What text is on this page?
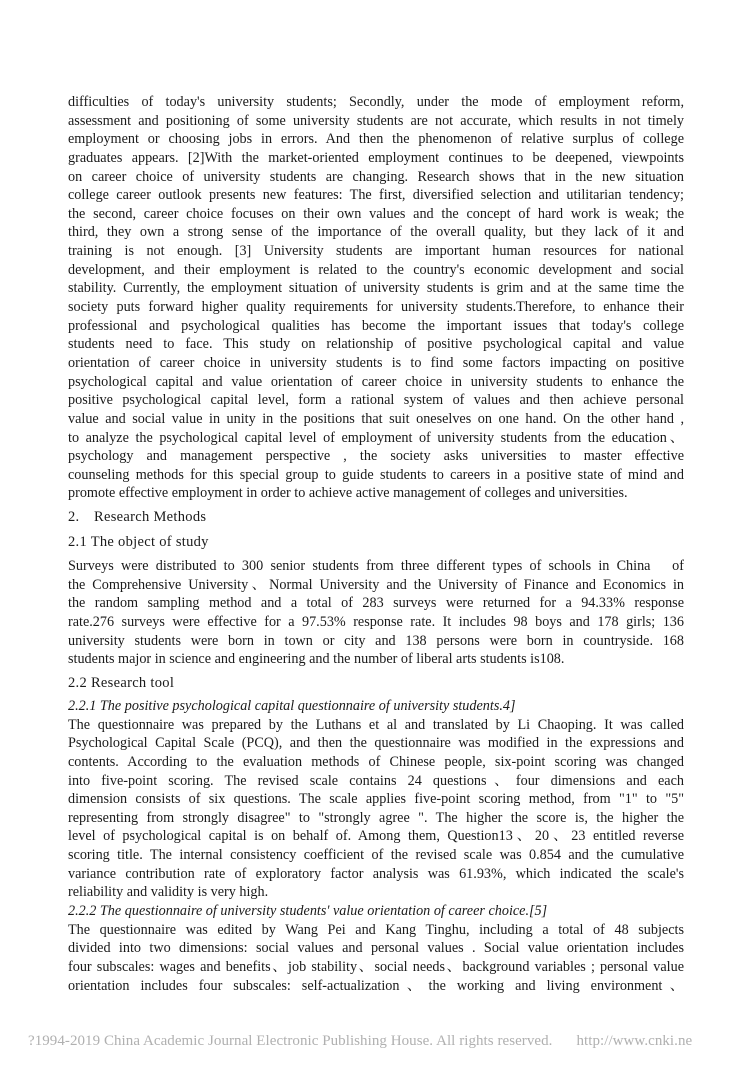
difficulties of today's university students; Secondly, under the mode of employment reform,
assessment and positioning of some university students are not accurate, which results in not timely
employment or choosing jobs in errors. And then the phenomenon of relative surplus of college
graduates appears. [2]With the market-oriented employment continues to be deepened, viewpoints
on career choice of university students are changing. Research shows that in the new situation
college career outlook presents new features: The first, diversified selection and utilitarian tendency;
the second, career choice focuses on their own values and the concept of hard work is weak; the
third, they own a strong sense of the importance of the overall quality, but they lack of it and
training is not enough. [3] University students are important human resources for national
development, and their employment is related to the country's economic development and social
stability. Currently, the employment situation of university students is grim and at the same time the
society puts forward higher quality requirements for university students.Therefore, to enhance their
professional and psychological qualities has become the important issues that today's college
students need to face. This study on relationship of positive psychological capital and value
orientation of career choice in university students is to find some factors impacting on positive
psychological capital and value orientation of career choice in university students to enhance the
positive psychological capital level, form a rational system of values and then achieve personal
value and social value in unity in the positions that suit oneselves on one hand. On the other hand ,
to analyze the psychological capital level of employment of university students from the education、
psychology and management perspective , the society asks universities to master effective
counseling methods for this special group to guide students to careers in a positive state of mind and
promote effective employment in order to achieve active management of colleges and universities.
2. Research Methods
2.1 The object of study
Surveys were distributed to 300 senior students from three different types of schools in China   of
the Comprehensive University、Normal University and the University of Finance and Economics in
the random sampling method and a total of 283 surveys were returned for a 94.33% response
rate.276 surveys were effective for a 97.53% response rate. It includes 98 boys and 178 girls; 136
university students were born in town or city and 138 persons were born in countryside. 168
students major in science and engineering and the number of liberal arts students is108.
2.2 Research tool
2.2.1 The positive psychological capital questionnaire of university students.4]
The questionnaire was prepared by the Luthans et al and translated by Li Chaoping. It was called
Psychological Capital Scale (PCQ), and then the questionnaire was modified in the expressions and
contents. According to the evaluation methods of Chinese people, six-point scoring was changed
into five-point scoring. The revised scale contains 24 questions、four dimensions and each
dimension consists of six questions. The scale applies five-point scoring method, from "1" to "5"
representing from strongly disagree" to "strongly agree ". The higher the score is, the higher the
level of psychological capital is on behalf of. Among them, Question13、20、23 entitled reverse
scoring title. The internal consistency coefficient of the revised scale was 0.854 and the cumulative
variance contribution rate of exploratory factor analysis was 61.93%, which indicated the scale's
reliability and validity is very high.
2.2.2 The questionnaire of university students' value orientation of career choice.[5]
The questionnaire was edited by Wang Pei and Kang Tinghu, including a total of 48 subjects
divided into two dimensions: social values and personal values . Social value orientation includes
four subscales: wages and benefits、job stability、social needs、background variables ; personal value
orientation includes four subscales: self-actualization、the working and living environment、
?1994-2019 China Academic Journal Electronic Publishing House. All rights reserved. http://www.cnki.ne
